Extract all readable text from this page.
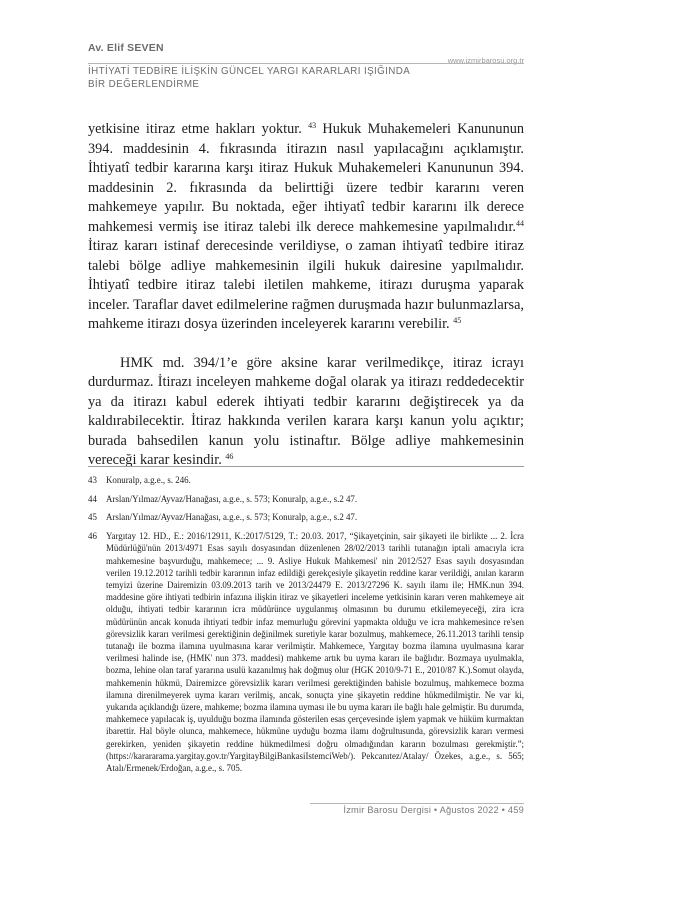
Av. Elif SEVEN
www.izmirbarosu.org.tr
İHTİYATİ TEDBİRE İLİŞKİN GÜNCEL YARGI KARARLARI IŞIĞINDA
BİR DEĞERLENDİRME

yetkisine itiraz etme hakları yoktur. $^{43}$ Hukuk Muhakemeleri Kanununun 394. maddesinin 4. fıkrasında itirazın nasıl yapılacağını açıklamıştır. İhtiyatî tedbir kararına karşı itiraz Hukuk Muhakemeleri Kanununun 394. maddesinin 2. fıkrasında da belirttiği üzere tedbir kararını veren mahkemeye yapılır. Bu noktada, eğer ihtiyatî tedbir kararını ilk derece mahkemesi vermiş ise itiraz talebi ilk derece mahkemesine yapılmalıdır.$^{44}$ İtiraz kararı istinaf derecesinde verildiyse, o zaman ihtiyatî tedbire itiraz talebi bölge adliye mahkemesinin ilgili hukuk dairesine yapılmalıdır. İhtiyatî tedbire itiraz talebi iletilen mahkeme, itirazı duruşma yaparak inceler. Taraflar davet edilmelerine rağmen duruşmada hazır bulunmazlarsa, mahkeme itirazı dosya üzerinden inceleyerek kararını verebilir. $^{45}$

HMK md. 394/1’e göre aksine karar verilmedikçe, itiraz icrayı durdurmaz. İtirazı inceleyen mahkeme doğal olarak ya itirazı reddedecektir ya da itirazı kabul ederek ihtiyati tedbir kararını değiştirecek ya da kaldırabilecektir. İtiraz hakkında verilen karara karşı kanun yolu açıktır; burada bahsedilen kanun yolu istinaftır. Bölge adliye mahkemesinin vereceği karar kesindir. $^{46}$

43	Konuralp, a.g.e., s. 246.
44	Arslan/Yılmaz/Ayvaz/Hanağası, a.g.e., s. 573; Konuralp, a.g.e., s.2 47.
45	Arslan/Yılmaz/Ayvaz/Hanağası, a.g.e., s. 573; Konuralp, a.g.e., s.2 47.
46	Yargıtay 12. HD., E.: 2016/12911, K.:2017/5129, T.: 20.03. 2017, “Şikayetçinin, sair şikayeti ile birlikte ... 2. İcra Müdürlüğü'nün 2013/4971 Esas sayılı dosyasından düzenlenen 28/02/2013 tarihli tutanağın iptali amacıyla icra mahkemesine başvurduğu, mahkemece; ... 9. Asliye Hukuk Mahkemesi' nin 2012/527 Esas sayılı dosyasından verilen 19.12.2012 tarihli tedbir kararının infaz edildiği gerekçesiyle şikayetin reddine karar verildiği, anılan kararın temyizi üzerine Dairemizin 03.09.2013 tarih ve 2013/24479 E. 2013/27296 K. sayılı ilamı ile; HMK.nun 394. maddesine göre ihtiyati tedbirin infazına ilişkin itiraz ve şikayetleri inceleme yetkisinin kararı veren mahkemeye ait olduğu, ihtiyati tedbir kararının icra müdürünce uygulanmış olmasının bu durumu etkilemeyeceği, zira icra müdürünün ancak konuda ihtiyati tedbir infaz memurluğu görevini yapmakta olduğu ve icra mahkemesince re'sen görevsizlik kararı verilmesi gerektiğinin değinilmek suretiyle karar bozulmuş, mahkemece, 26.11.2013 tarihli tensip tutanağı ile bozma ilamına uyulmasına karar verilmiştir. Mahkemece, Yargıtay bozma ilamına uyulmasına karar verilmesi halinde ise, (HMK' nun 373. maddesi) mahkeme artık bu uyma kararı ile bağlıdır. Bozmaya uyulmakla, bozma, lehine olan taraf yararına usulü kazanılmış hak doğmuş olur (HGK 2010/9-71 E., 2010/87 K.).Somut olayda, mahkemenin hükmü, Dairemizce görevsizlik kararı verilmesi gerektiğinden bahisle bozulmuş, mahkemece bozma ilamına direnilmeyerek uyma kararı verilmiş, ancak, sonuçta yine şikayetin reddine hükmedilmiştir. Ne var ki, yukarıda açıklandığı üzere, mahkeme; bozma ilamına uyması ile bu uyma kararı ile bağlı hale gelmiştir. Bu durumda, mahkemece yapılacak iş, uyulduğu bozma ilamında gösterilen esas çerçevesinde işlem yapmak ve hüküm kurmaktan ibarettir. Hal böyle olunca, mahkemece, hükmüne uyduğu bozma ilamı doğrultusunda, görevsizlik kararı vermesi gerekirken, yeniden şikayetin reddine hükmedilmesi doğru olmadığından kararın bozulması gerekmiştir.”; (https://karararama.yargitay.gov.tr/YargitayBilgiBankasiIstemciWeb/). Pekcanıtez/Atalay/ Özekes, a.g.e., s. 565; Atalı/Ermenek/Erdoğan, a.g.e., s. 705.
İzmir Barosu Dergisi • Ağustos 2022 • 459
